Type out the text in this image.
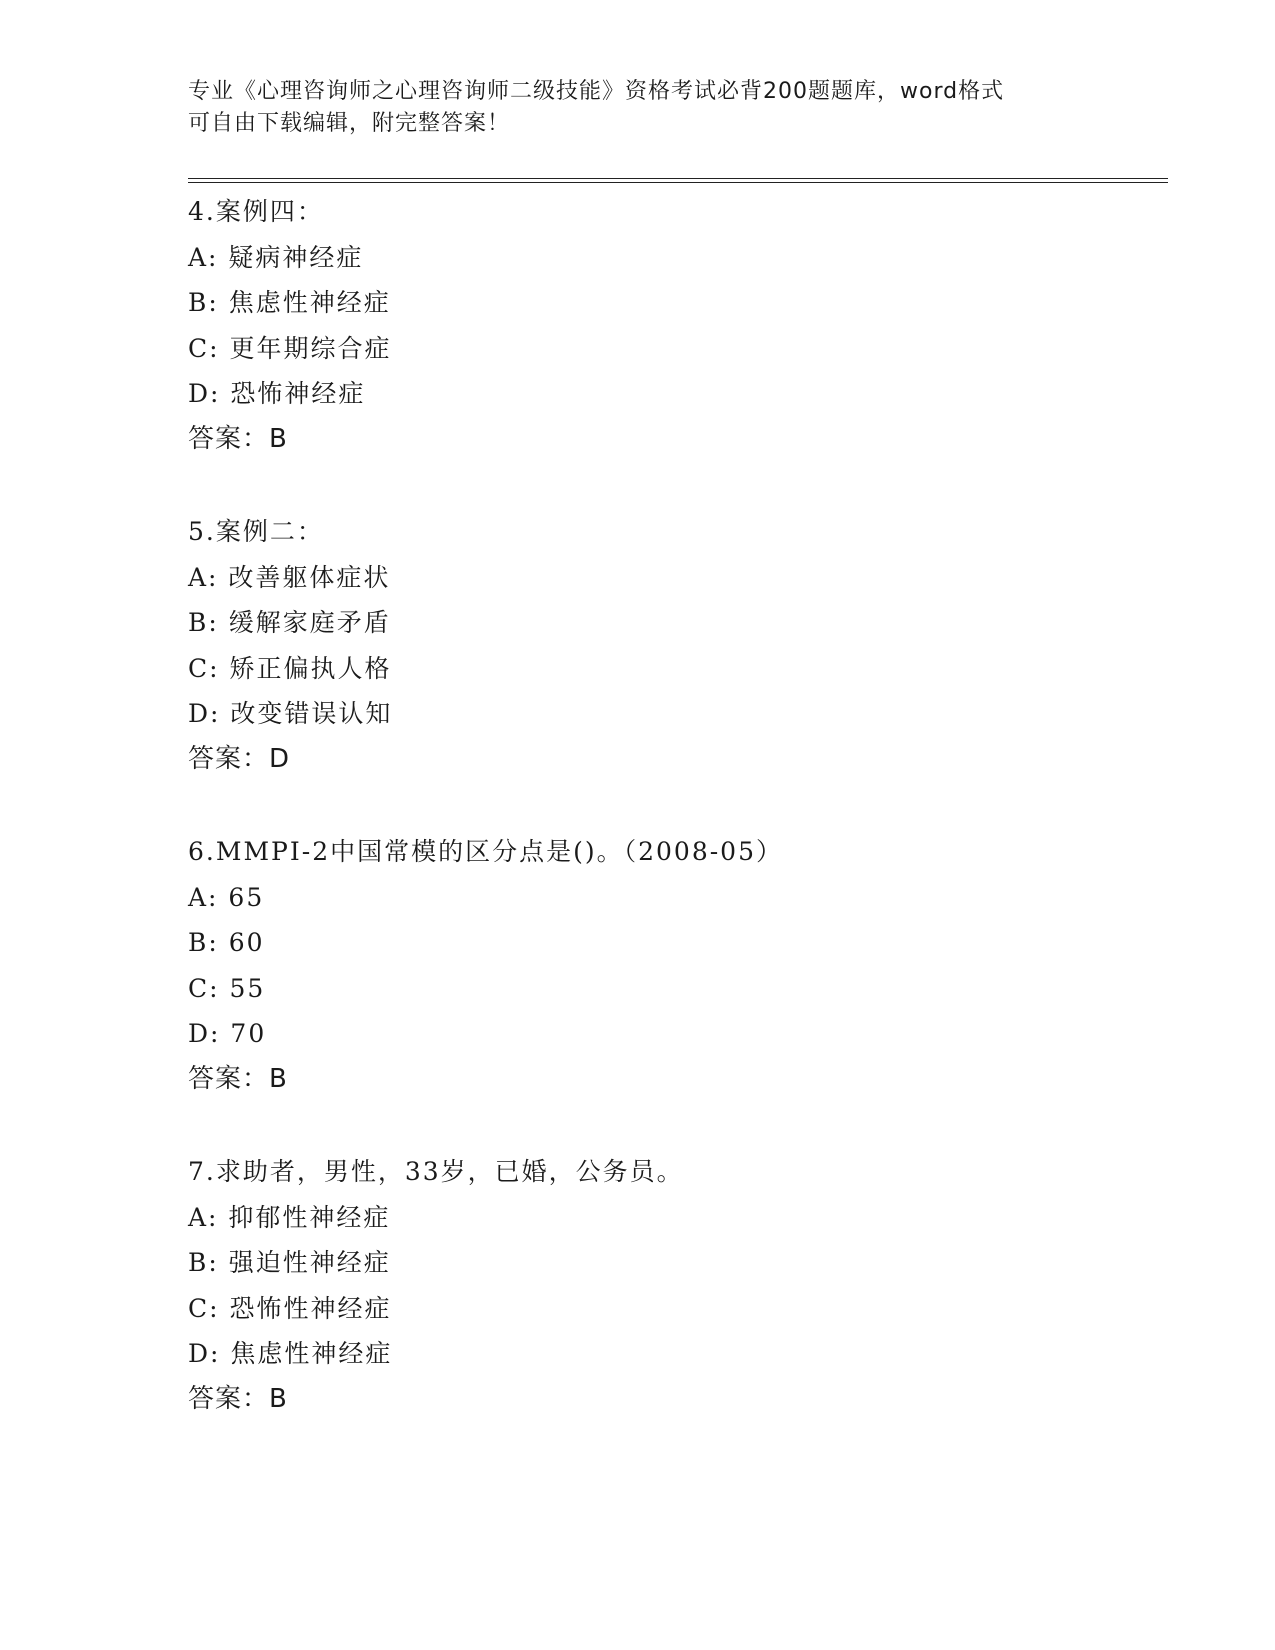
专业《心理咨询师之心理咨询师二级技能》资格考试必背200题题库，word格式
可自由下载编辑，附完整答案！
4.案例四：
A: 疑病神经症
B: 焦虑性神经症
C: 更年期综合症
D: 恐怖神经症
答案：B
5.案例二：
A: 改善躯体症状
B: 缓解家庭矛盾
C: 矫正偏执人格
D: 改变错误认知
答案：D
6.MMPI-2中国常模的区分点是()。（2008-05）
A: 65
B: 60
C: 55
D: 70
答案：B
7.求助者，男性，33岁，已婚，公务员。
A: 抑郁性神经症
B: 强迫性神经症
C: 恐怖性神经症
D: 焦虑性神经症
答案：B
